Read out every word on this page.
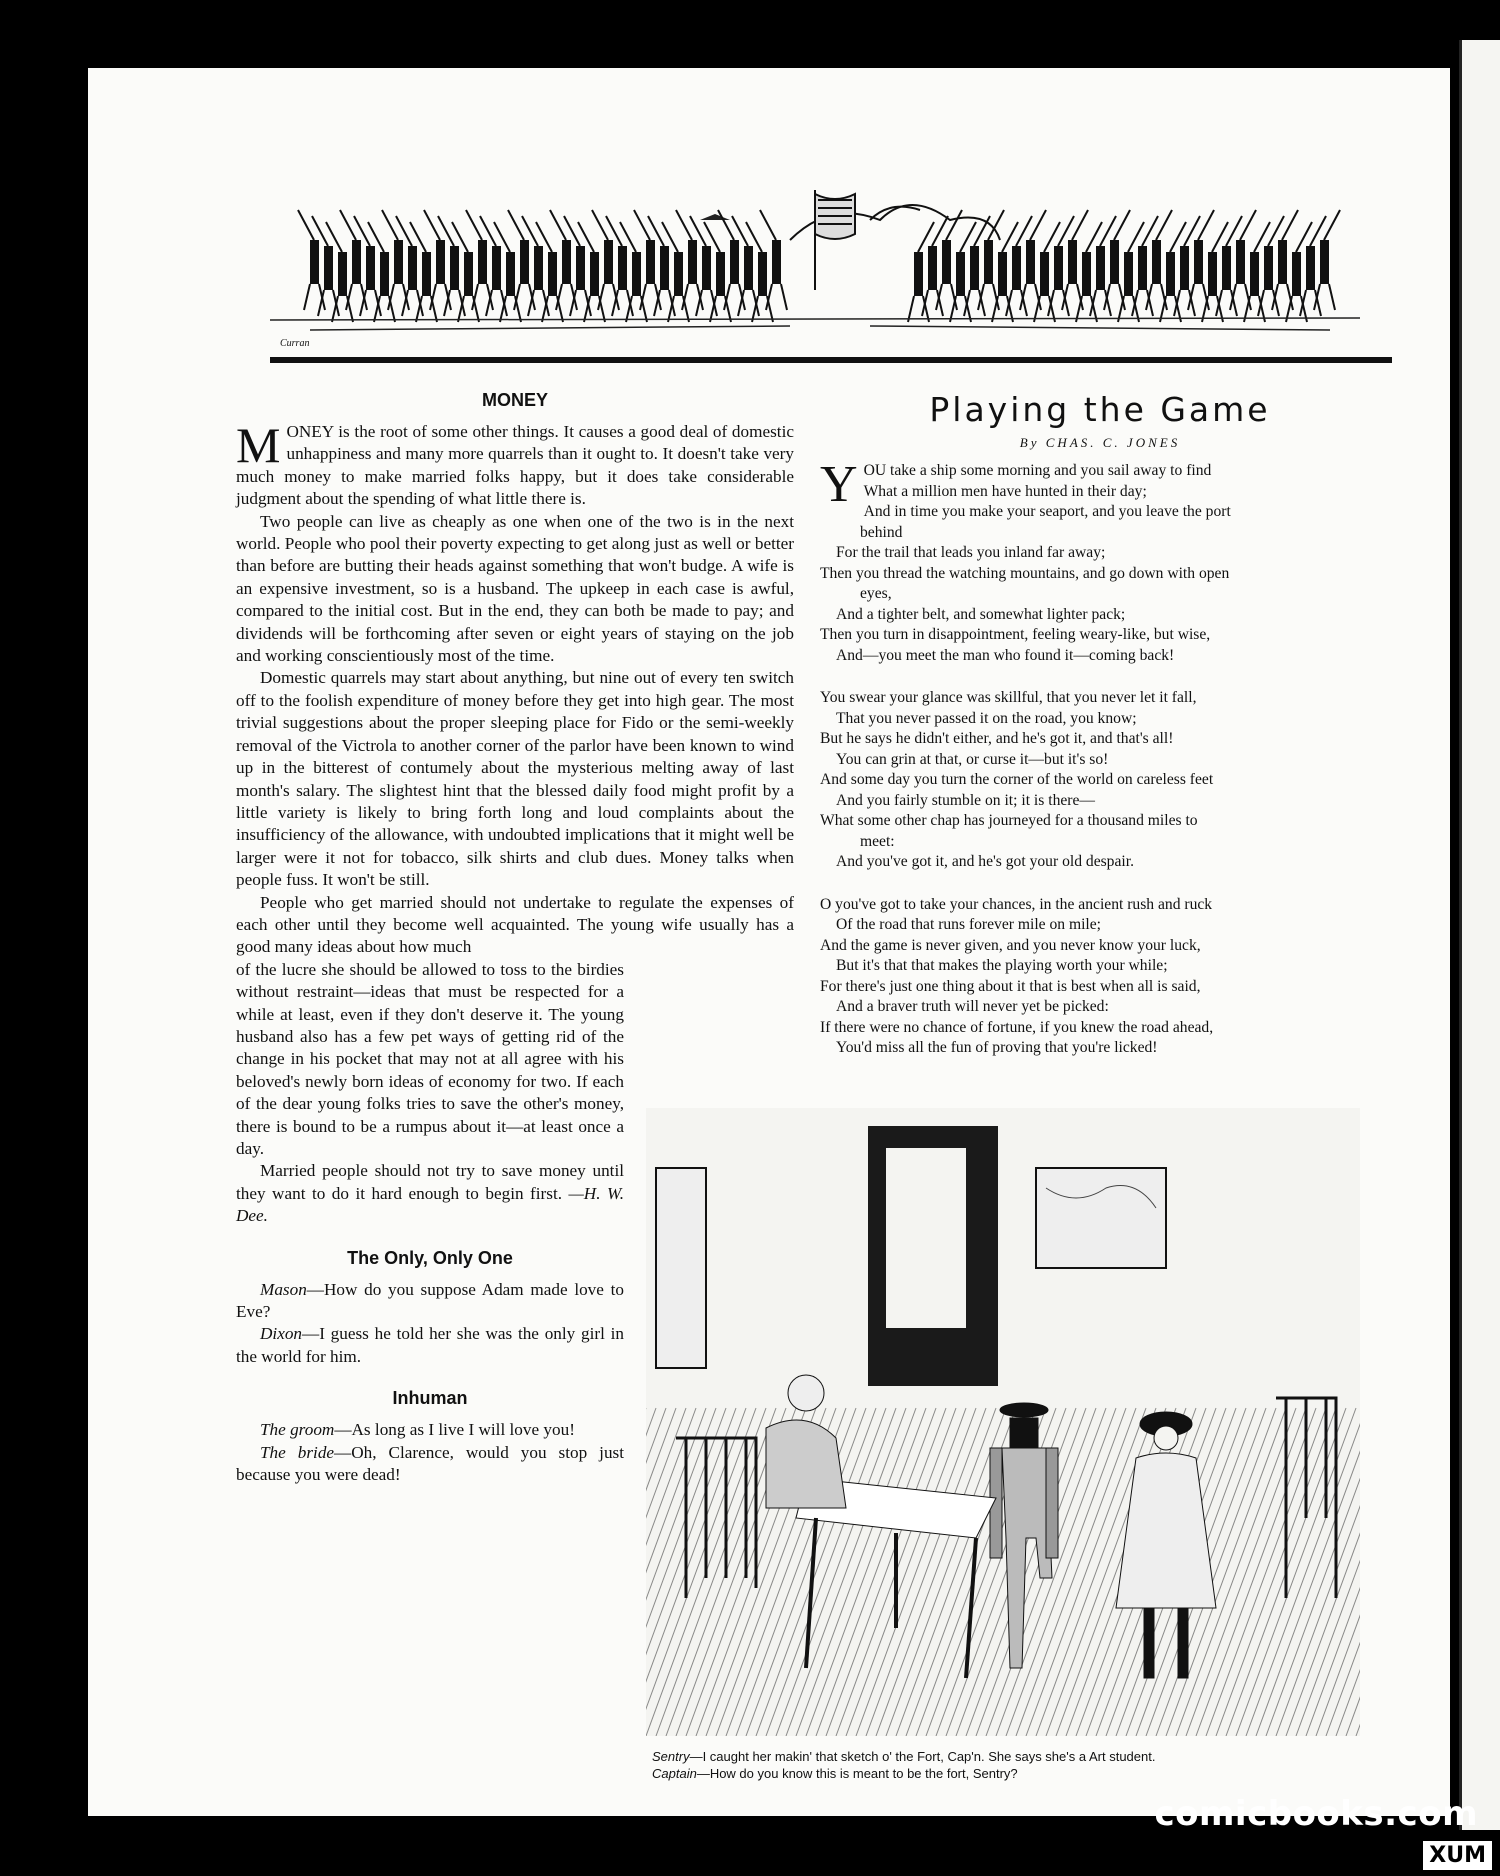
Curran
MONEY

MONEY is the root of some other things. It causes a good deal of domestic unhappiness and many more quarrels than it ought to. It doesn't take very much money to make married folks happy, but it does take considerable judgment about the spending of what little there is.

Two people can live as cheaply as one when one of the two is in the next world. People who pool their poverty expecting to get along just as well or better than before are butting their heads against something that won't budge. A wife is an expensive investment, so is a husband. The upkeep in each case is awful, compared to the initial cost. But in the end, they can both be made to pay; and dividends will be forthcoming after seven or eight years of staying on the job and working conscientiously most of the time.

Domestic quarrels may start about anything, but nine out of every ten switch off to the foolish expenditure of money before they get into high gear. The most trivial suggestions about the proper sleeping place for Fido or the semi-weekly removal of the Victrola to another corner of the parlor have been known to wind up in the bitterest of contumely about the mysterious melting away of last month's salary. The slightest hint that the blessed daily food might profit by a little variety is likely to bring forth long and loud complaints about the insufficiency of the allowance, with undoubted implications that it might well be larger were it not for tobacco, silk shirts and club dues. Money talks when people fuss. It won't be still.

People who get married should not undertake to regulate the expenses of each other until they become well acquainted. The young wife usually has a good many ideas about how much

of the lucre she should be allowed to toss to the birdies without restraint—ideas that must be respected for a while at least, even if they don't deserve it. The young husband also has a few pet ways of getting rid of the change in his pocket that may not at all agree with his beloved's newly born ideas of economy for two. If each of the dear young folks tries to save the other's money, there is bound to be a rumpus about it—at least once a day.

Married people should not try to save money until they want to do it hard enough to begin first. —H. W. Dee.

The Only, Only One

Mason—How do you suppose Adam made love to Eve?

Dixon—I guess he told her she was the only girl in the world for him.

Inhuman

The groom—As long as I live I will love you!

The bride—Oh, Clarence, would you stop just because you were dead!

Playing the Game
By CHAS. C. JONES
Y OU take a ship some morning and you sail away to find
What a million men have hunted in their day;
And in time you make your seaport, and you leave the port
behind
For the trail that leads you inland far away;
Then you thread the watching mountains, and go down with open
eyes,
And a tighter belt, and somewhat lighter pack;
Then you turn in disappointment, feeling weary-like, but wise,
And—you meet the man who found it—coming back!
You swear your glance was skillful, that you never let it fall,
That you never passed it on the road, you know;
But he says he didn't either, and he's got it, and that's all!
You can grin at that, or curse it—but it's so!
And some day you turn the corner of the world on careless feet
And you fairly stumble on it; it is there—
What some other chap has journeyed for a thousand miles to
meet:
And you've got it, and he's got your old despair.
O you've got to take your chances, in the ancient rush and ruck
Of the road that runs forever mile on mile;
And the game is never given, and you never know your luck,
But it's that that makes the playing worth your while;
For there's just one thing about it that is best when all is said,
And a braver truth will never yet be picked:
If there were no chance of fortune, if you knew the road ahead,
You'd miss all the fun of proving that you're licked!
Sentry—I caught her makin' that sketch o' the Fort, Cap'n. She says she's a Art student.
Captain—How do you know this is meant to be the fort, Sentry?
comicbooks.com
XUM
